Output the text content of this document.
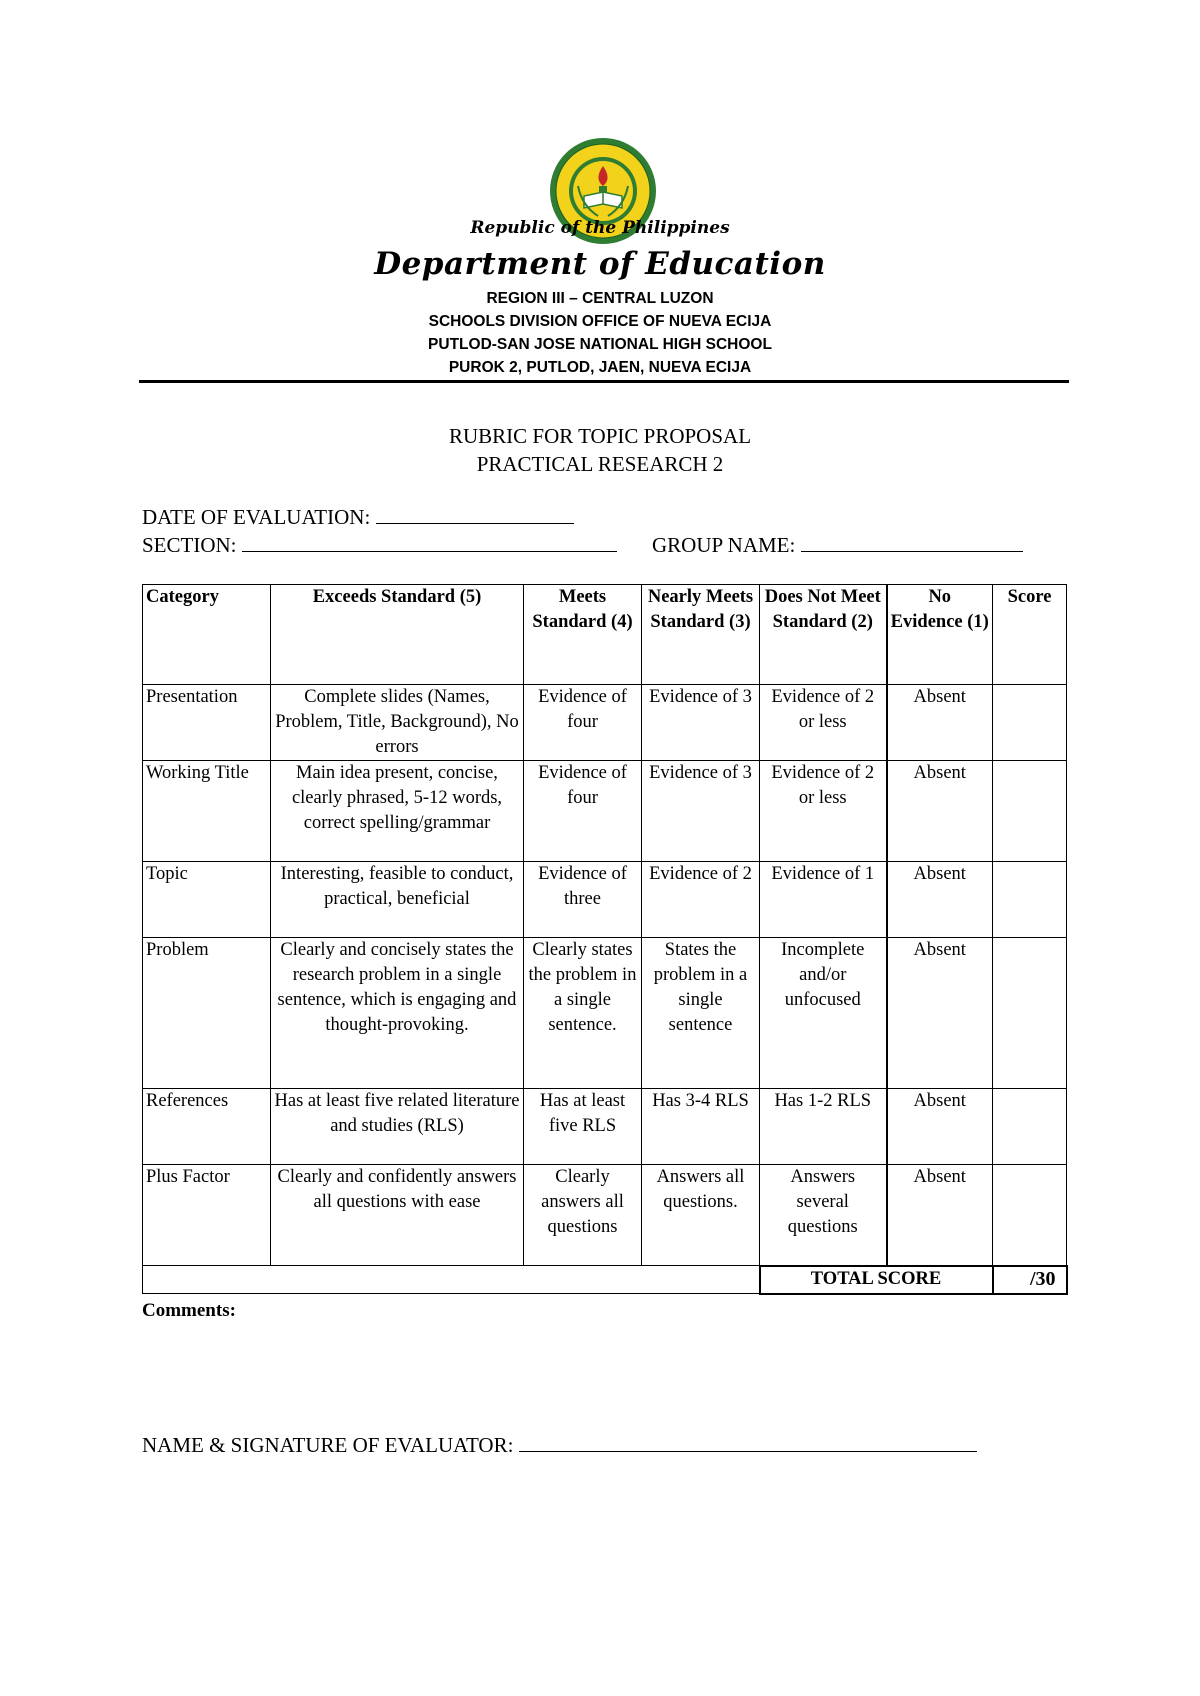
Republic of the Philippines
Department of Education
REGION III – CENTRAL LUZON
SCHOOLS DIVISION OFFICE OF NUEVA ECIJA
PUTLOD-SAN JOSE NATIONAL HIGH SCHOOL
PUROK 2, PUTLOD, JAEN, NUEVA ECIJA
RUBRIC FOR TOPIC PROPOSAL
PRACTICAL RESEARCH 2
DATE OF EVALUATION:
SECTION:	GROUP NAME:
Category	Exceeds Standard (5)	Meets Standard (4)	Nearly Meets Standard (3)	Does Not Meet Standard (2)	No Evidence (1)	Score
Presentation	Complete slides (Names, Problem, Title, Background), No errors	Evidence of four	Evidence of 3	Evidence of 2 or less	Absent	
Working Title	Main idea present, concise, clearly phrased, 5-12 words, correct spelling/grammar	Evidence of four	Evidence of 3	Evidence of 2 or less	Absent	
Topic	Interesting, feasible to conduct, practical, beneficial	Evidence of three	Evidence of 2	Evidence of 1	Absent	
Problem	Clearly and concisely states the research problem in a single sentence, which is engaging and thought-provoking.	Clearly states the problem in a single sentence.	States the problem in a single sentence	Incomplete and/or unfocused	Absent	
References	Has at least five related literature and studies (RLS)	Has at least five RLS	Has 3-4 RLS	Has 1-2 RLS	Absent	
Plus Factor	Clearly and confidently answers all questions with ease	Clearly answers all questions	Answers all questions.	Answers several questions	Absent	
				TOTAL SCORE		/30
Comments:
NAME & SIGNATURE OF EVALUATOR:
